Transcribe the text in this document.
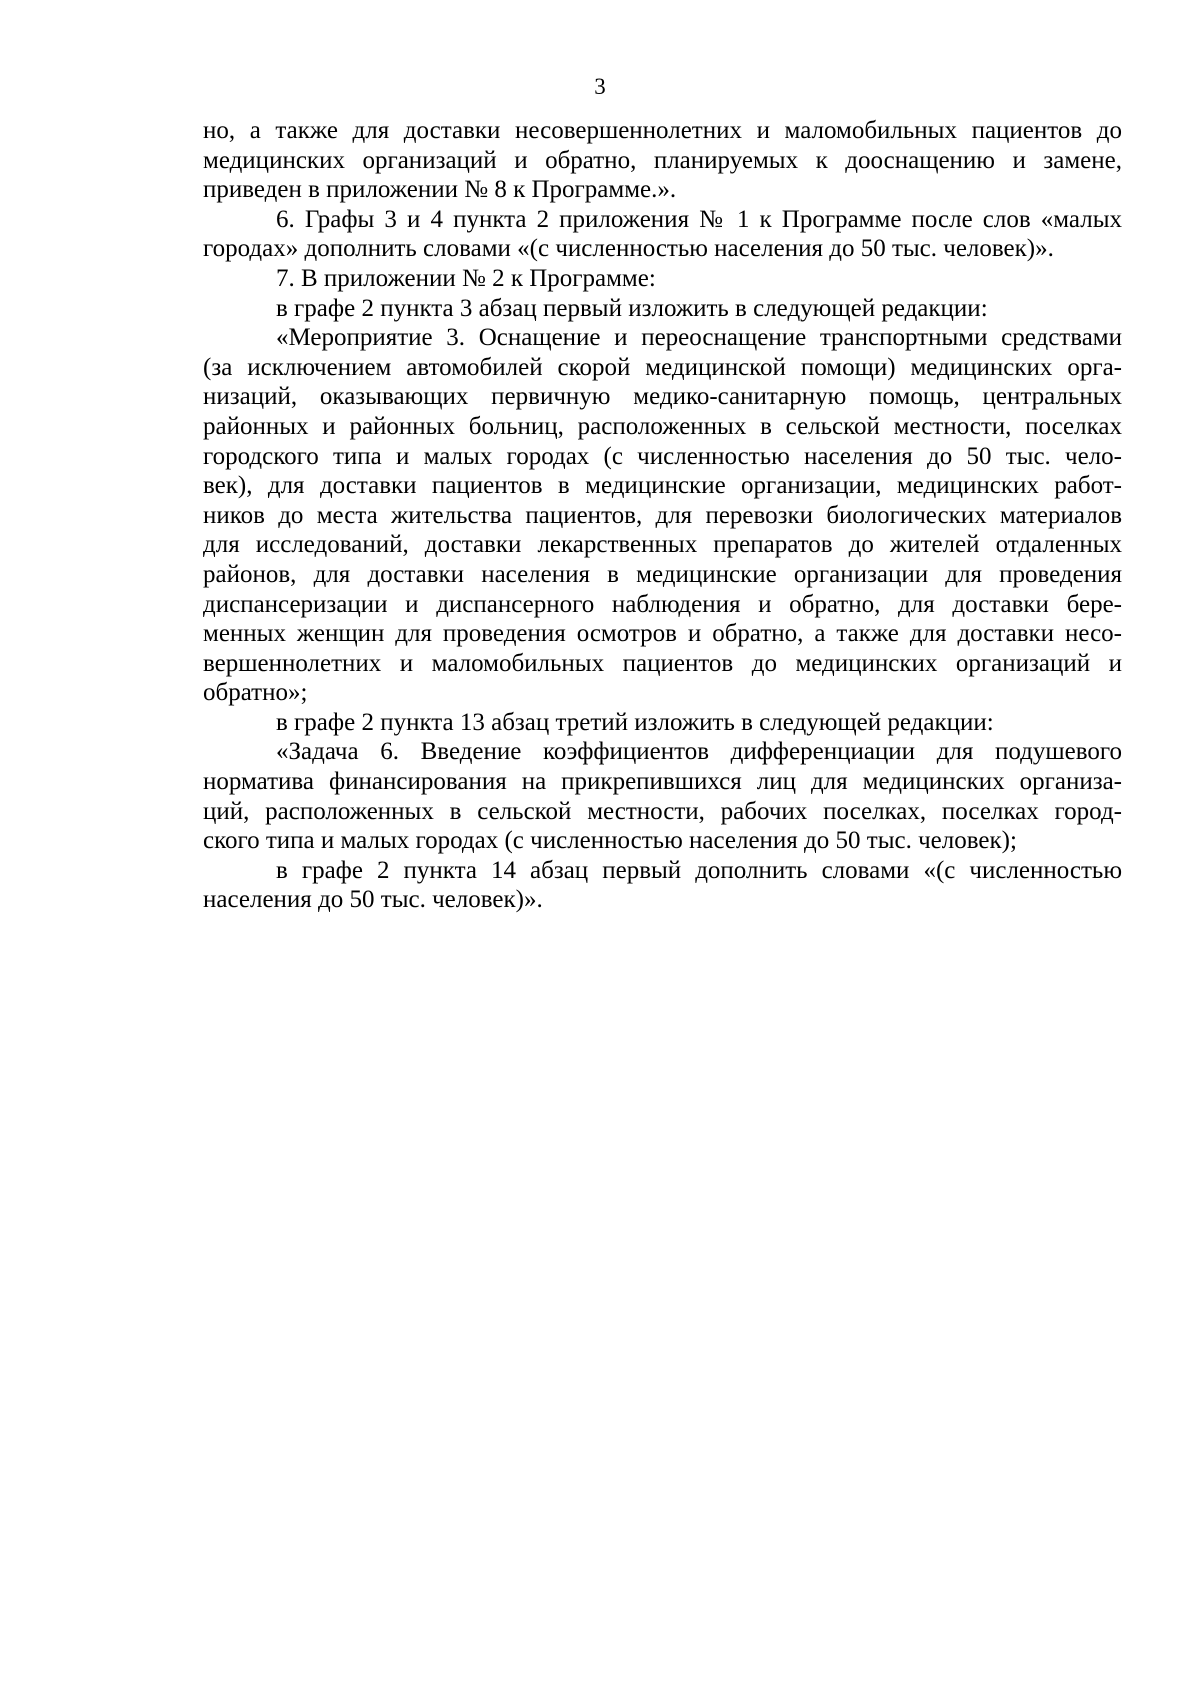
3
но, а также для доставки несовершеннолетних и маломобильных пациентов до
медицинских организаций и обратно, планируемых к дооснащению и замене,
приведен в приложении № 8 к Программе.».
6. Графы 3 и 4 пункта 2 приложения № 1 к Программе после слов «малых
городах» дополнить словами «(с численностью населения до 50 тыс. человек)».
7. В приложении № 2 к Программе:
в графе 2 пункта 3 абзац первый изложить в следующей редакции:
«Мероприятие 3. Оснащение и переоснащение транспортными средствами
(за исключением автомобилей скорой медицинской помощи) медицинских орга-
низаций, оказывающих первичную медико-санитарную помощь, центральных
районных и районных больниц, расположенных в сельской местности, поселках
городского типа и малых городах (с численностью населения до 50 тыс. чело-
век), для доставки пациентов в медицинские организации, медицинских работ-
ников до места жительства пациентов, для перевозки биологических материалов
для исследований, доставки лекарственных препаратов до жителей отдаленных
районов, для доставки населения в медицинские организации для проведения
диспансеризации и диспансерного наблюдения и обратно, для доставки бере-
менных женщин для проведения осмотров и обратно, а также для доставки несо-
вершеннолетних и маломобильных пациентов до медицинских организаций и
обратно»;
в графе 2 пункта 13 абзац третий изложить в следующей редакции:
«Задача 6. Введение коэффициентов дифференциации для подушевого
норматива финансирования на прикрепившихся лиц для медицинских организа-
ций, расположенных в сельской местности, рабочих поселках, поселках город-
ского типа и малых городах (с численностью населения до 50 тыс. человек);
в графе 2 пункта 14 абзац первый дополнить словами «(с численностью
населения до 50 тыс. человек)».
